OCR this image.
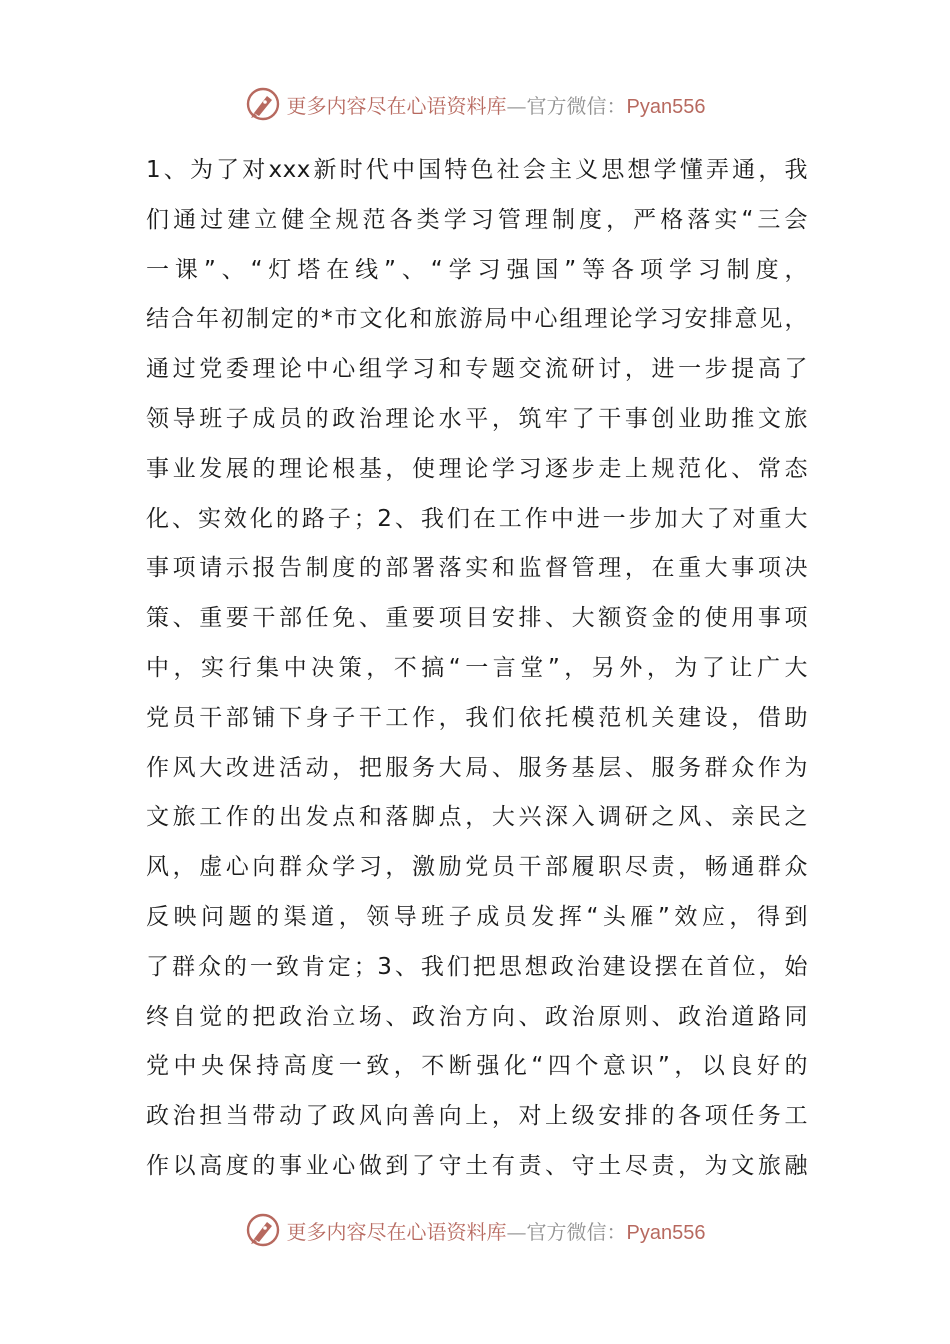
更多内容尽在心语资料库—官方微信：Pyan556
1、为了对xxx新时代中国特色社会主义思想学懂弄通，我
们通过建立健全规范各类学习管理制度，严格落实“三会
一课”、“灯塔在线”、“学习强国”等各项学习制度，
结合年初制定的*市文化和旅游局中心组理论学习安排意见，
通过党委理论中心组学习和专题交流研讨，进一步提高了
领导班子成员的政治理论水平，筑牢了干事创业助推文旅
事业发展的理论根基，使理论学习逐步走上规范化、常态
化、实效化的路子；2、我们在工作中进一步加大了对重大
事项请示报告制度的部署落实和监督管理，在重大事项决
策、重要干部任免、重要项目安排、大额资金的使用事项
中，实行集中决策，不搞“一言堂”，另外，为了让广大
党员干部铺下身子干工作，我们依托模范机关建设，借助
作风大改进活动，把服务大局、服务基层、服务群众作为
文旅工作的出发点和落脚点，大兴深入调研之风、亲民之
风，虚心向群众学习，激励党员干部履职尽责，畅通群众
反映问题的渠道，领导班子成员发挥“头雁”效应，得到
了群众的一致肯定；3、我们把思想政治建设摆在首位，始
终自觉的把政治立场、政治方向、政治原则、政治道路同
党中央保持高度一致，不断强化“四个意识”，以良好的
政治担当带动了政风向善向上，对上级安排的各项任务工
作以高度的事业心做到了守土有责、守土尽责，为文旅融
更多内容尽在心语资料库—官方微信：Pyan556
